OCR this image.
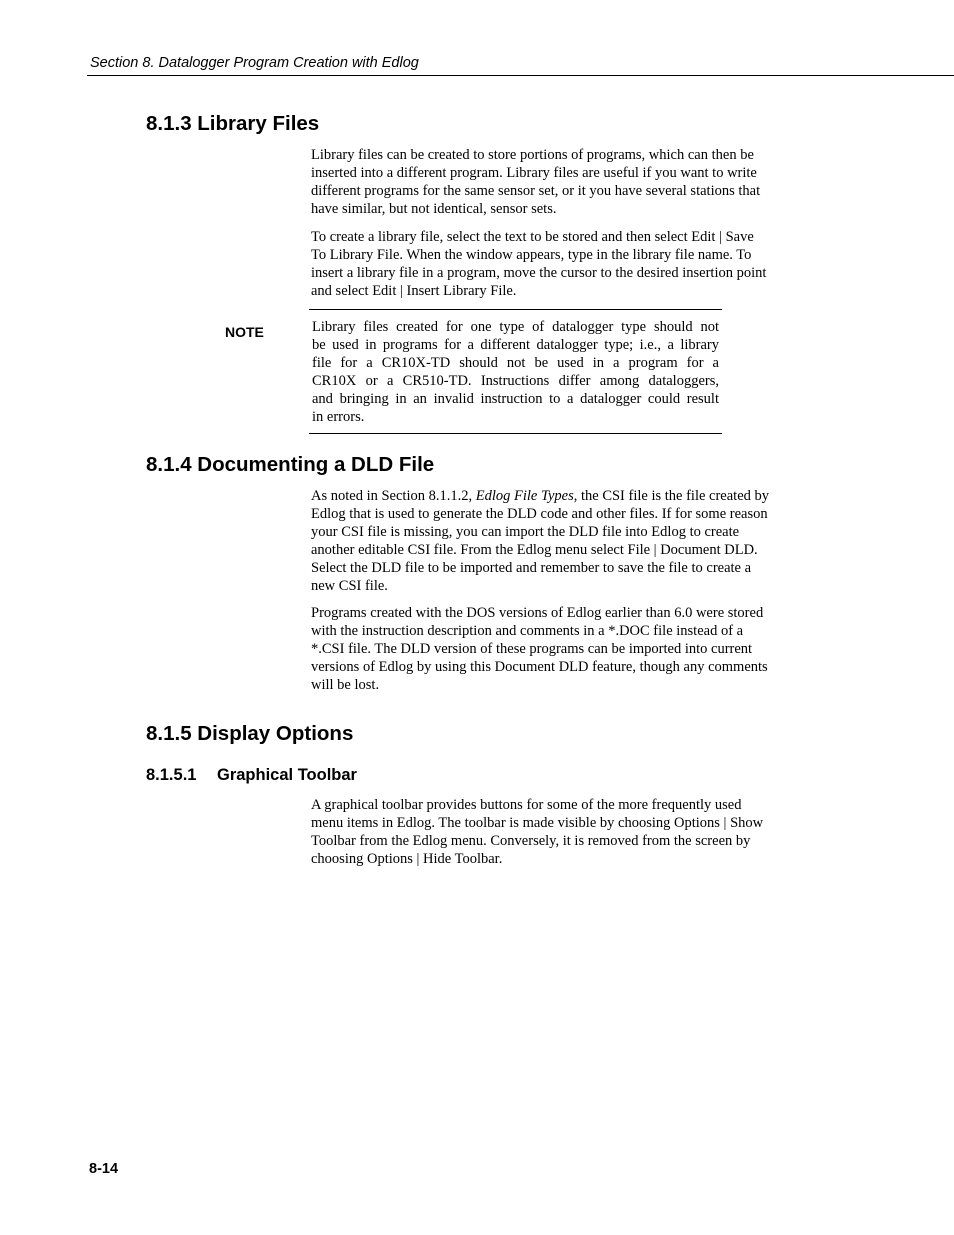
Section 8. Datalogger Program Creation with Edlog
8.1.3 Library Files
Library files can be created to store portions of programs, which can then be
inserted into a different program. Library files are useful if you want to write
different programs for the same sensor set, or it you have several stations that
have similar, but not identical, sensor sets.
To create a library file, select the text to be stored and then select Edit | Save
To Library File. When the window appears, type in the library file name. To
insert a library file in a program, move the cursor to the desired insertion point
and select Edit | Insert Library File.
NOTE	Library files created for one type of datalogger type should not
be used in programs for a different datalogger type; i.e., a library
file for a CR10X-TD should not be used in a program for a
CR10X or a CR510-TD. Instructions differ among dataloggers,
and bringing in an invalid instruction to a datalogger could result
in errors.
8.1.4 Documenting a DLD File
As noted in Section 8.1.1.2, Edlog File Types, the CSI file is the file created by
Edlog that is used to generate the DLD code and other files. If for some reason
your CSI file is missing, you can import the DLD file into Edlog to create
another editable CSI file. From the Edlog menu select File | Document DLD.
Select the DLD file to be imported and remember to save the file to create a
new CSI file.
Programs created with the DOS versions of Edlog earlier than 6.0 were stored
with the instruction description and comments in a *.DOC file instead of a
*.CSI file. The DLD version of these programs can be imported into current
versions of Edlog by using this Document DLD feature, though any comments
will be lost.
8.1.5 Display Options
8.1.5.1 Graphical Toolbar
A graphical toolbar provides buttons for some of the more frequently used
menu items in Edlog. The toolbar is made visible by choosing Options | Show
Toolbar from the Edlog menu. Conversely, it is removed from the screen by
choosing Options | Hide Toolbar.
8-14
